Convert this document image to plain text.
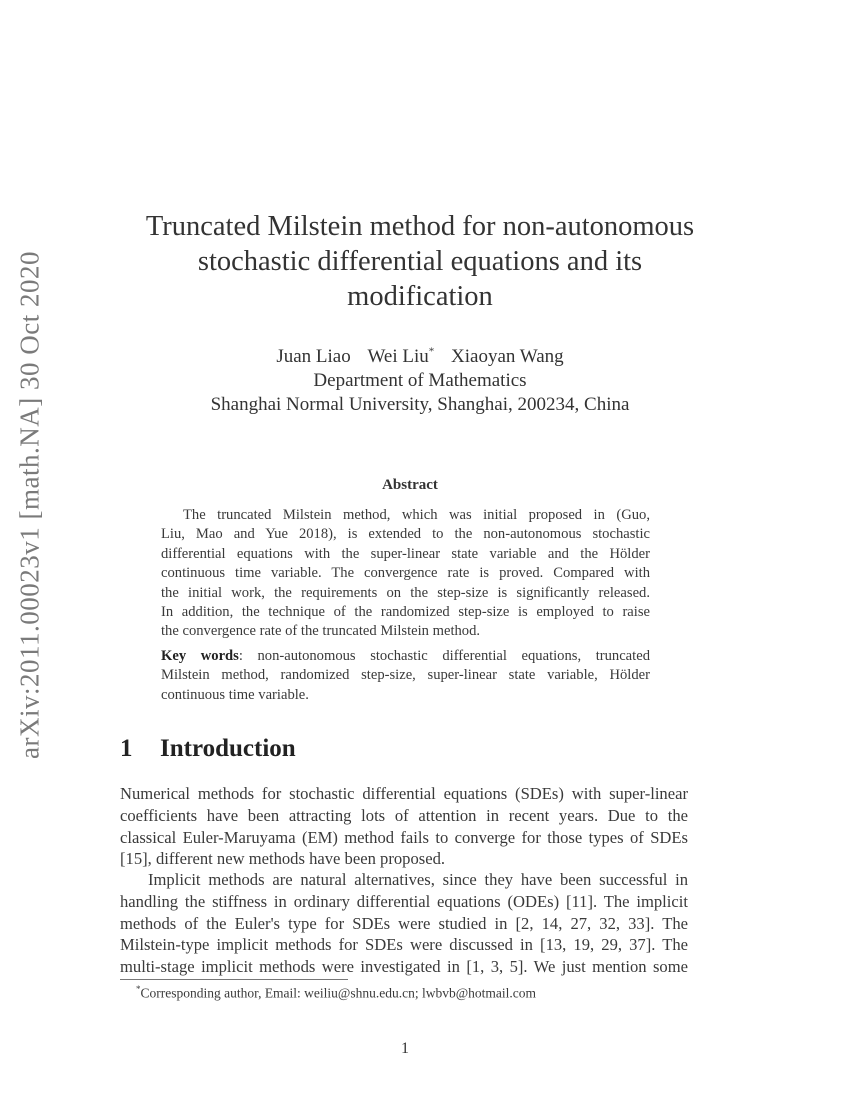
arXiv:2011.00023v1 [math.NA] 30 Oct 2020
Truncated Milstein method for non-autonomous
stochastic differential equations and its
modification
Juan Liao Wei Liu* Xiaoyan Wang
Department of Mathematics
Shanghai Normal University, Shanghai, 200234, China
Abstract
The truncated Milstein method, which was initial proposed in (Guo,
Liu, Mao and Yue 2018), is extended to the non-autonomous stochastic
differential equations with the super-linear state variable and the Hölder
continuous time variable. The convergence rate is proved. Compared with
the initial work, the requirements on the step-size is significantly released.
In addition, the technique of the randomized step-size is employed to raise
the convergence rate of the truncated Milstein method.
Key words: non-autonomous stochastic differential equations, truncated
Milstein method, randomized step-size, super-linear state variable, Hölder
continuous time variable.
1 Introduction
Numerical methods for stochastic differential equations (SDEs) with super-linear
coefficients have been attracting lots of attention in recent years. Due to the
classical Euler-Maruyama (EM) method fails to converge for those types of SDEs
[15], different new methods have been proposed.
Implicit methods are natural alternatives, since they have been successful in
handling the stiffness in ordinary differential equations (ODEs) [11]. The implicit
methods of the Euler's type for SDEs were studied in [2, 14, 27, 32, 33]. The
Milstein-type implicit methods for SDEs were discussed in [13, 19, 29, 37]. The
multi-stage implicit methods were investigated in [1, 3, 5]. We just mention some
*Corresponding author, Email: weiliu@shnu.edu.cn; lwbvb@hotmail.com
1
